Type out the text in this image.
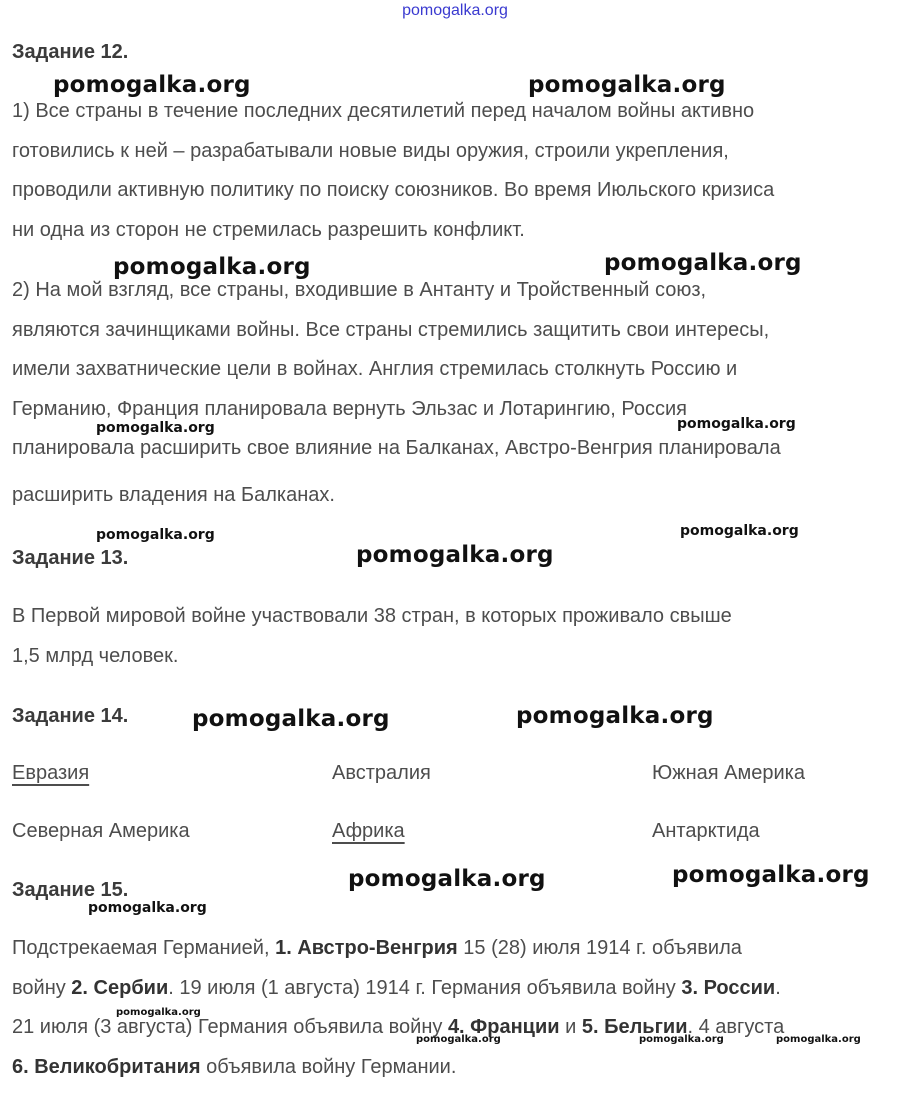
pomogalka.org
Задание 12.
1) Все страны в течение последних десятилетий перед началом войны активно
готовились к ней – разрабатывали новые виды оружия, строили укрепления,
проводили активную политику по поиску союзников. Во время Июльского кризиса
ни одна из сторон не стремилась разрешить конфликт.
2) На мой взгляд, все страны, входившие в Антанту и Тройственный союз,
являются зачинщиками войны. Все страны стремились защитить свои интересы,
имели захватнические цели в войнах. Англия стремилась столкнуть Россию и
Германию, Франция планировала вернуть Эльзас и Лотарингию, Россия
планировала расширить свое влияние на Балканах, Австро-Венгрия планировала
расширить владения на Балканах.
Задание 13.
В Первой мировой войне участвовали 38 стран, в которых проживало свыше
1,5 млрд человек.
Задание 14.
Евразия	Австралия	Южная Америка
Северная Америка	Африка	Антарктида
Задание 15.
Подстрекаемая Германией, 1. Австро-Венгрия 15 (28) июля 1914 г. объявила
войну 2. Сербии. 19 июля (1 августа) 1914 г. Германия объявила войну 3. России.
21 июля (3 августа) Германия объявила войну 4. Франции и 5. Бельгии. 4 августа
6. Великобритания объявила войну Германии.
pomogalka.org	pomogalka.org
pomogalka.org	pomogalka.org
pomogalka.org	pomogalka.org
pomogalka.org	pomogalka.org
pomogalka.org
pomogalka.org	pomogalka.org
pomogalka.org	pomogalka.org
pomogalka.org
pomogalka.org
pomogalka.org	pomogalka.org	pomogalka.org
